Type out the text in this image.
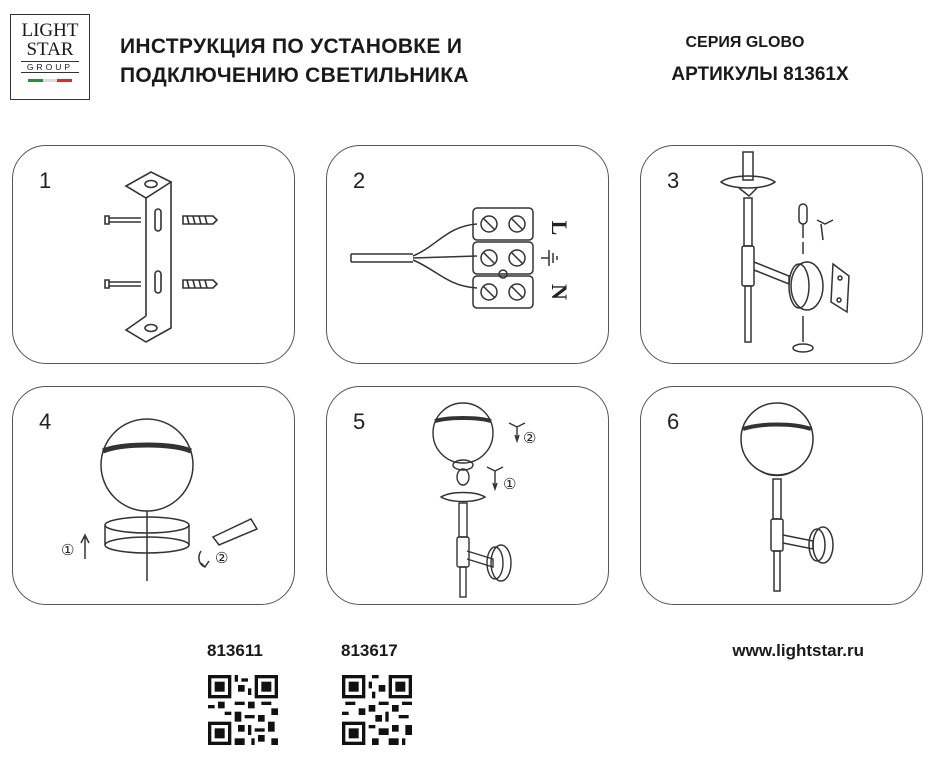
LIGHT
STAR
GROUP
ИНСТРУКЦИЯ ПО УСТАНОВКЕ И
ПОДКЛЮЧЕНИЮ СВЕТИЛЬНИКА
СЕРИЯ GLOBO
АРТИКУЛЫ 81361X
1	2
L
N
3
4
①	②
5
②
①
6
813611	813617	www.lightstar.ru
